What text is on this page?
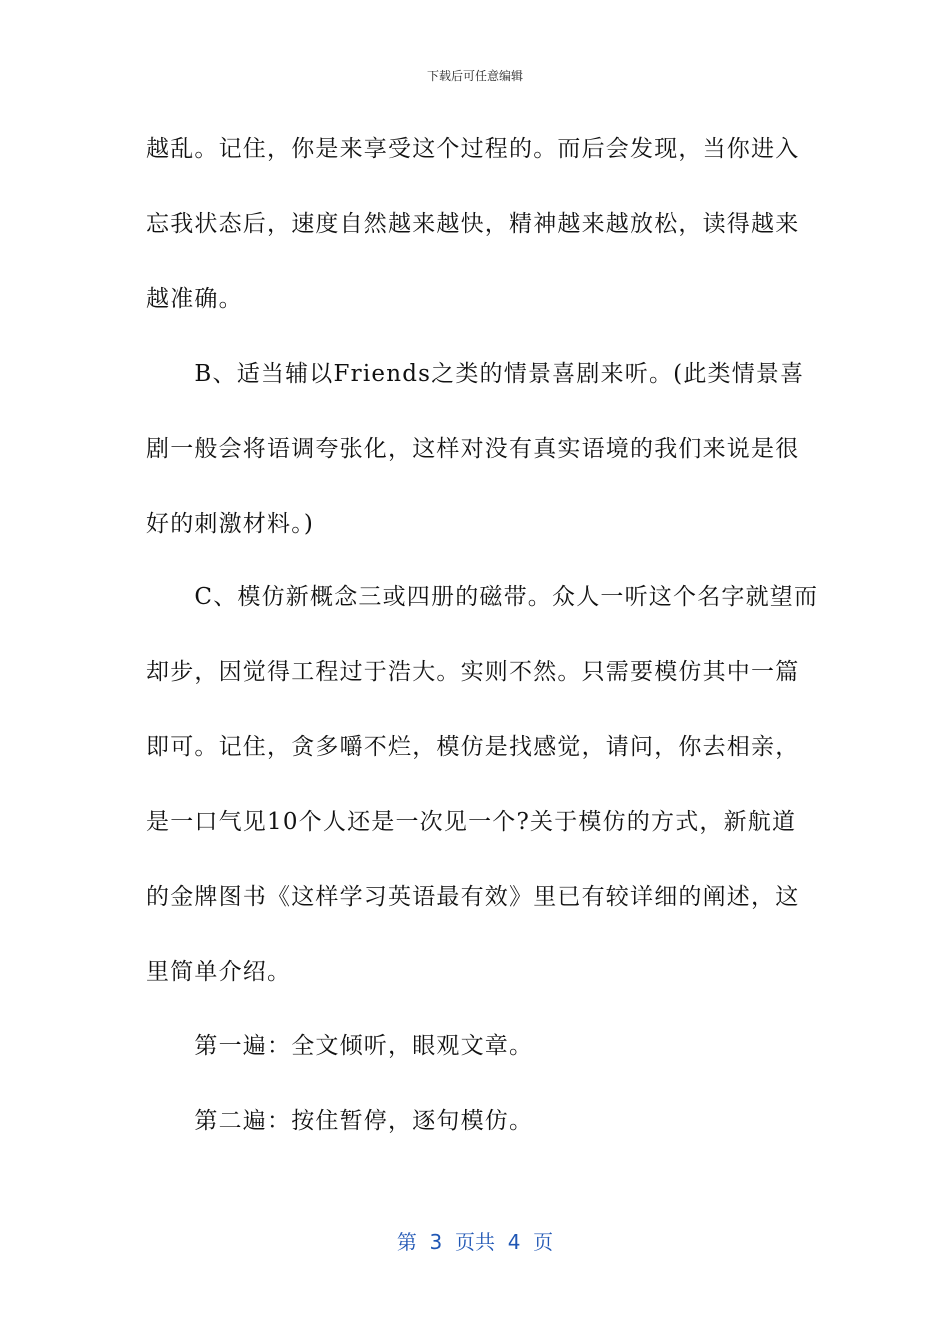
下载后可任意编辑
越乱。记住，你是来享受这个过程的。而后会发现，当你进入
忘我状态后，速度自然越来越快，精神越来越放松，读得越来
越准确。
　　B、适当辅以Friends之类的情景喜剧来听。(此类情景喜
剧一般会将语调夸张化，这样对没有真实语境的我们来说是很
好的刺激材料。)
　　C、模仿新概念三或四册的磁带。众人一听这个名字就望而
却步，因觉得工程过于浩大。实则不然。只需要模仿其中一篇
即可。记住，贪多嚼不烂，模仿是找感觉，请问，你去相亲，
是一口气见10个人还是一次见一个?关于模仿的方式，新航道
的金牌图书《这样学习英语最有效》里已有较详细的阐述，这
里简单介绍。
　　第一遍：全文倾听，眼观文章。
　　第二遍：按住暂停，逐句模仿。
第  3  页共  4  页
